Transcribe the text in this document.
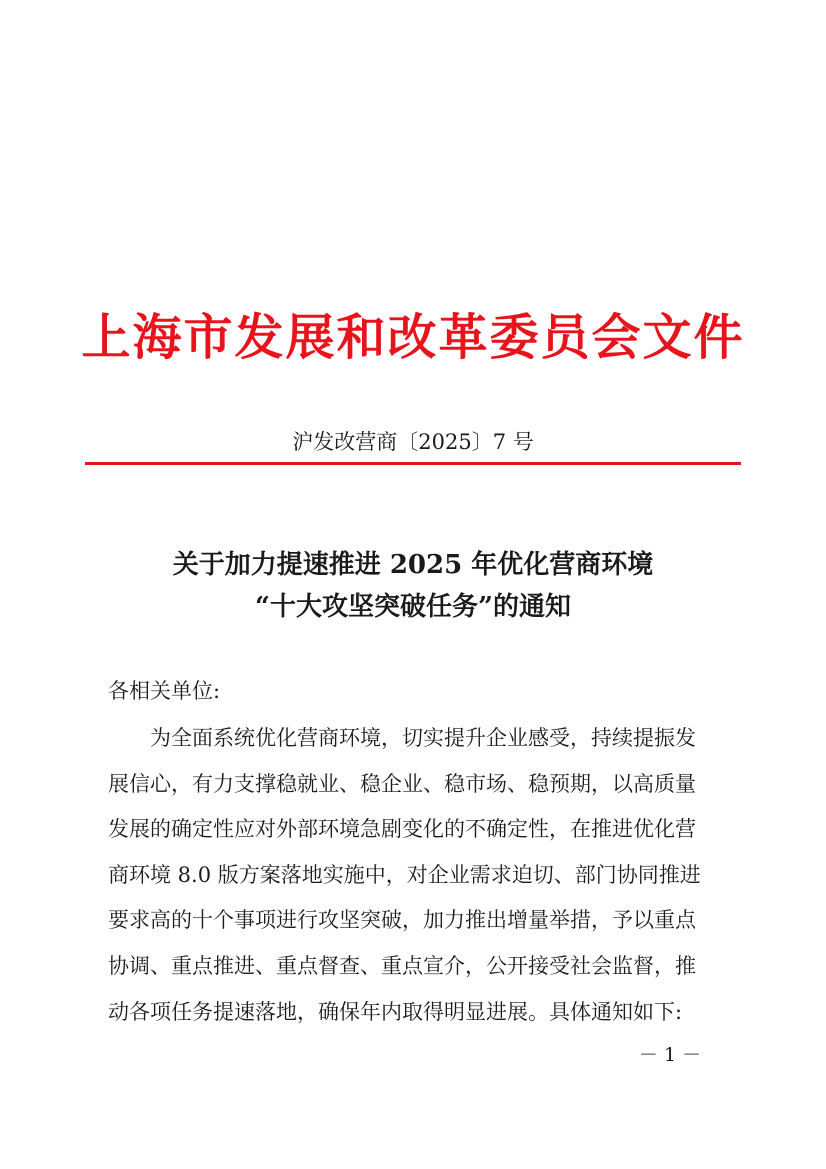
上海市发展和改革委员会文件
沪发改营商〔2025〕7 号
关于加力提速推进 2025 年优化营商环境
“十大攻坚突破任务”的通知
各相关单位:
　　为全面系统优化营商环境，切实提升企业感受，持续提振发
展信心，有力支撑稳就业、稳企业、稳市场、稳预期，以高质量
发展的确定性应对外部环境急剧变化的不确定性，在推进优化营
商环境 8.0 版方案落地实施中，对企业需求迫切、部门协同推进
要求高的十个事项进行攻坚突破，加力推出增量举措，予以重点
协调、重点推进、重点督查、重点宣介，公开接受社会监督，推
动各项任务提速落地，确保年内取得明显进展。具体通知如下:
－ 1 －
